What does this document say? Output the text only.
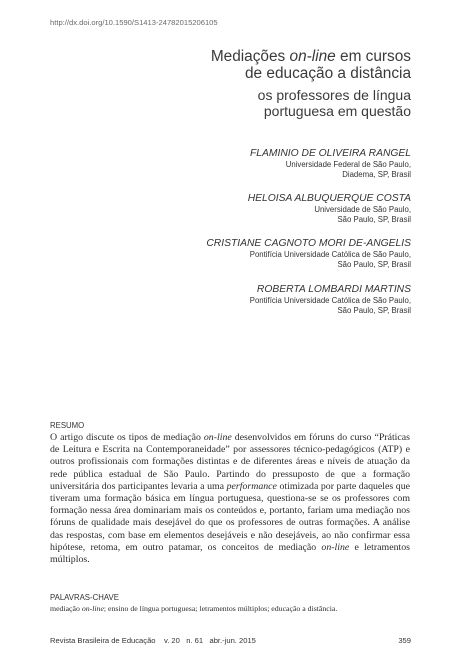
http://dx.doi.org/10.1590/S1413-24782015206105
Mediações on-line em cursos
de educação a distância
os professores de língua
portuguesa em questão
FLAMINIO DE OLIVEIRA RANGEL
Universidade Federal de São Paulo,
Diadema, SP, Brasil
HELOISA ALBUQUERQUE COSTA
Universidade de São Paulo,
São Paulo, SP, Brasil
CRISTIANE CAGNOTO MORI DE-ANGELIS
Pontifícia Universidade Católica de São Paulo,
São Paulo, SP, Brasil
ROBERTA LOMBARDI MARTINS
Pontifícia Universidade Católica de São Paulo,
São Paulo, SP, Brasil
RESUMO
O artigo discute os tipos de mediação on-line desenvolvidos em fóruns do curso “Práticas de Leitura e Escrita na Contemporaneidade” por assessores técnico-pedagógicos (ATP) e outros profissionais com formações distintas e de diferentes áreas e níveis de atuação da rede pública estadual de São Paulo. Partindo do pressuposto de que a formação universitária dos participantes levaria a uma performance otimizada por parte daqueles que tiveram uma formação básica em língua portuguesa, questiona-se se os professores com formação nessa área dominariam mais os conteúdos e, portanto, fariam uma mediação nos fóruns de qualidade mais desejável do que os professores de outras formações. A análise das respostas, com base em elementos desejáveis e não desejáveis, ao não confirmar essa hipótese, retoma, em outro patamar, os conceitos de mediação on-line e letramentos múltiplos.
PALAVRAS-CHAVE
mediação on-line; ensino de língua portuguesa; letramentos múltiplos; educação a distância.
Revista Brasileira de Educação v. 20 n. 61 abr.-jun. 2015	359
